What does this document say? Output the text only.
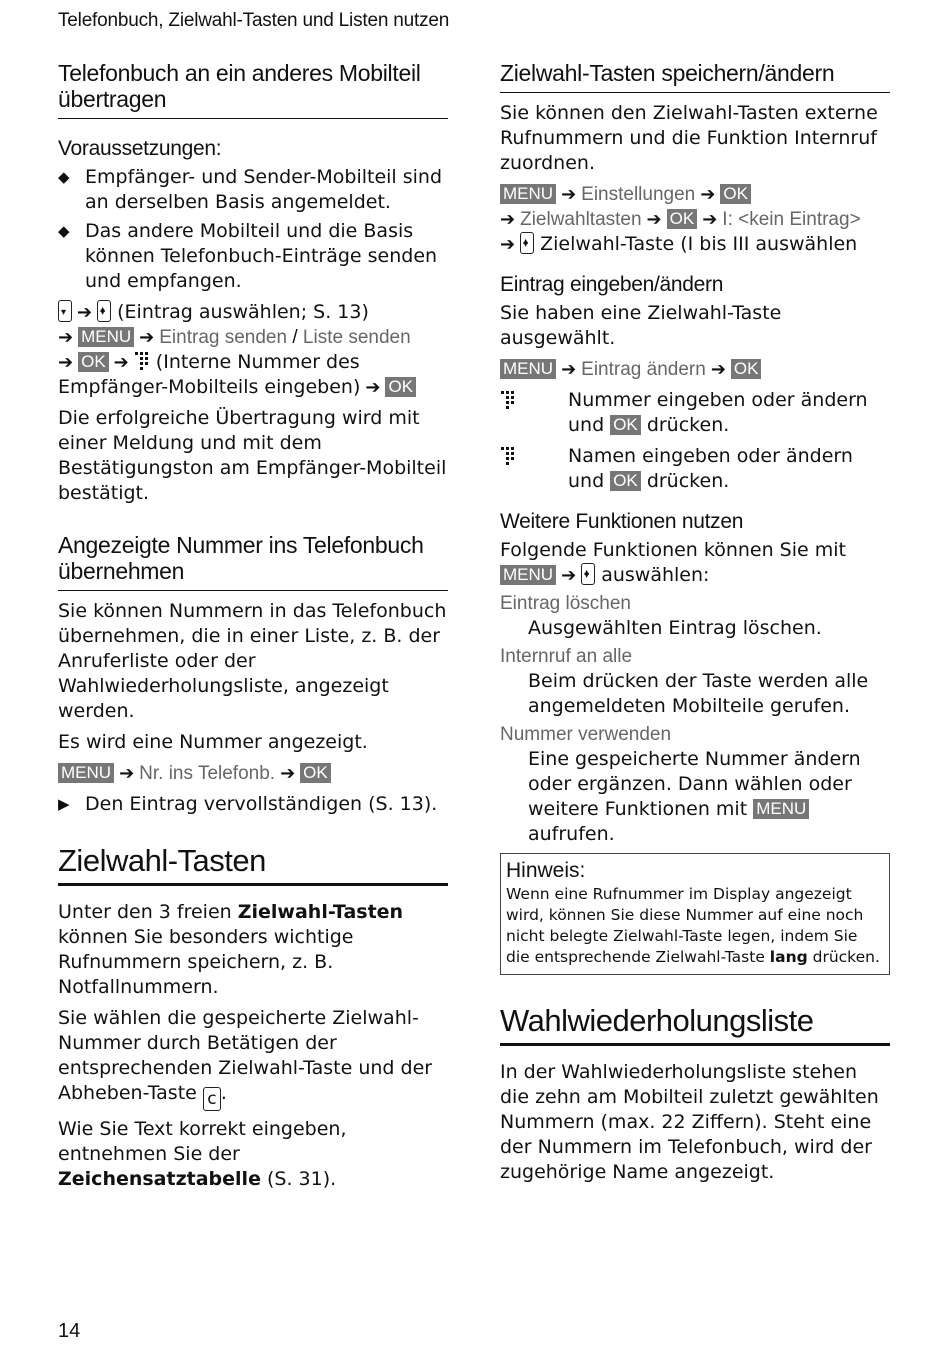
Telefonbuch, Zielwahl-Tasten und Listen nutzen
Telefonbuch an ein anderes Mobilteil übertragen
Voraussetzungen:
◆ Empfänger- und Sender-Mobilteil sind an derselben Basis angemeldet.
◆ Das andere Mobilteil und die Basis können Telefonbuch-Einträge senden und empfangen.
▾➔ ▴ ▾ (Eintrag auswählen; S. 13)
➔ MENU ➔ Eintrag senden / Liste senden
➔ OK ➔ (Interne Nummer des Empfänger-Mobilteils eingeben) ➔ OK
Die erfolgreiche Übertragung wird mit einer Meldung und mit dem Bestätigungston am Empfänger-Mobilteil bestätigt.
Angezeigte Nummer ins Telefonbuch übernehmen
Sie können Nummern in das Telefonbuch übernehmen, die in einer Liste, z. B. der Anruferliste oder der Wahlwiederholungsliste, angezeigt werden.
Es wird eine Nummer angezeigt.
MENU ➔ Nr. ins Telefonb. ➔ OK
▶ Den Eintrag vervollständigen (S. 13).
Zielwahl-Tasten
Unter den 3 freien Zielwahl-Tasten können Sie besonders wichtige Rufnummern speichern, z. B. Notfallnummern.
Sie wählen die gespeicherte Zielwahl-Nummer durch Betätigen der entsprechenden Zielwahl-Taste und der Abheben-Taste c .
Wie Sie Text korrekt eingeben, entnehmen Sie der Zeichensatztabelle (S. 31).
Zielwahl-Tasten speichern/ändern
Sie können den Zielwahl-Tasten externe Rufnummern und die Funktion Internruf zuordnen.
MENU ➔ Einstellungen ➔ OK
➔ Zielwahltasten ➔ OK ➔ I: <kein Eintrag>
➔ ▴ ▾ Zielwahl-Taste (I bis III auswählen
Eintrag eingeben/ändern
Sie haben eine Zielwahl-Taste ausgewählt.
MENU ➔ Eintrag ändern ➔ OK
Nummer eingeben oder ändern und OK drücken.
Namen eingeben oder ändern und OK drücken.
Weitere Funktionen nutzen
Folgende Funktionen können Sie mit
MENU ➔ ▴ ▾ auswählen:
Eintrag löschen
Ausgewählten Eintrag löschen.
Internruf an alle
Beim drücken der Taste werden alle angemeldeten Mobilteile gerufen.
Nummer verwenden
Eine gespeicherte Nummer ändern oder ergänzen. Dann wählen oder weitere Funktionen mit MENU aufrufen.
Hinweis:
Wenn eine Rufnummer im Display angezeigt wird, können Sie diese Nummer auf eine noch nicht belegte Zielwahl-Taste legen, indem Sie die entsprechende Zielwahl-Taste lang drücken.
Wahlwiederholungsliste
In der Wahlwiederholungsliste stehen die zehn am Mobilteil zuletzt gewählten Nummern (max. 22 Ziffern). Steht eine der Nummern im Telefonbuch, wird der zugehörige Name angezeigt.
14
